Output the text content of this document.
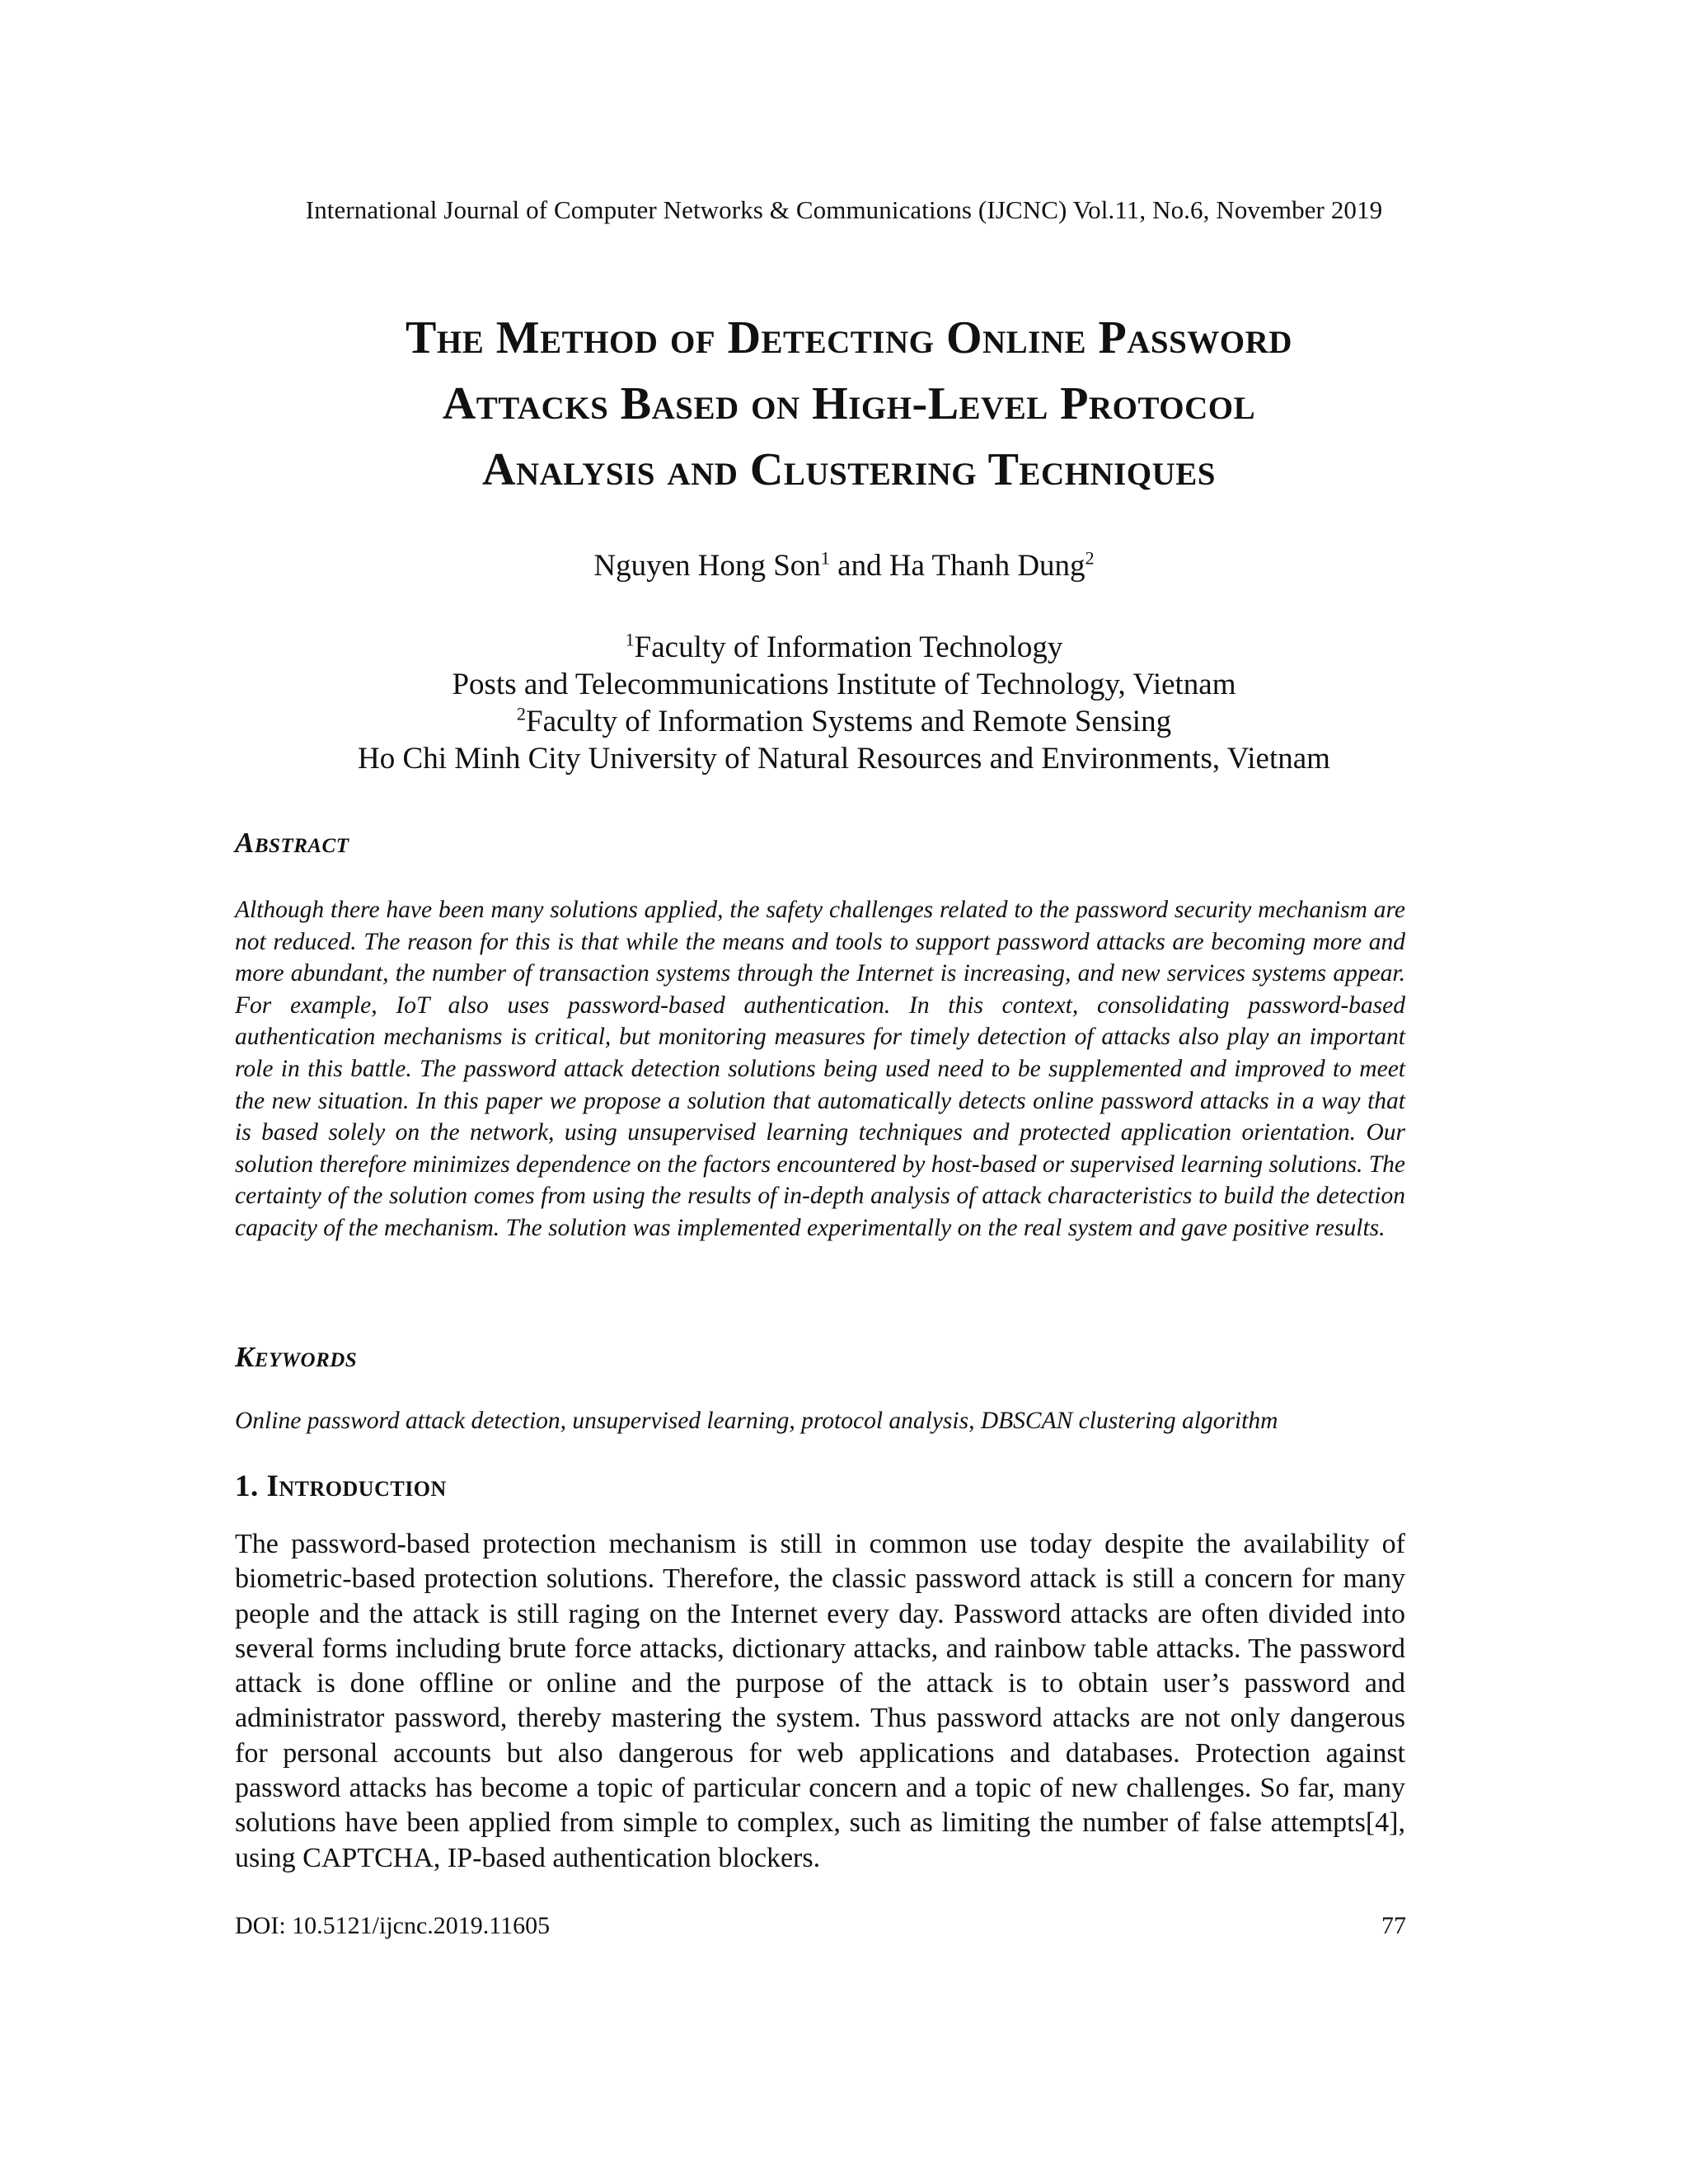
International Journal of Computer Networks & Communications (IJCNC) Vol.11, No.6, November 2019
The Method of Detecting Online Password
Attacks Based on High-Level Protocol
Analysis and Clustering Techniques
Nguyen Hong Son$^1$ and Ha Thanh Dung$^2$
$^1$Faculty of Information Technology
Posts and Telecommunications Institute of Technology, Vietnam
$^2$Faculty of Information Systems and Remote Sensing
Ho Chi Minh City University of Natural Resources and Environments, Vietnam
Abstract
Although there have been many solutions applied, the safety challenges related to the password security mechanism are not reduced. The reason for this is that while the means and tools to support password attacks are becoming more and more abundant, the number of transaction systems through the Internet is increasing, and new services systems appear. For example, IoT also uses password-based authentication. In this context, consolidating password-based authentication mechanisms is critical, but monitoring measures for timely detection of attacks also play an important role in this battle. The password attack detection solutions being used need to be supplemented and improved to meet the new situation. In this paper we propose a solution that automatically detects online password attacks in a way that is based solely on the network, using unsupervised learning techniques and protected application orientation. Our solution therefore minimizes dependence on the factors encountered by host-based or supervised learning solutions. The certainty of the solution comes from using the results of in-depth analysis of attack characteristics to build the detection capacity of the mechanism. The solution was implemented experimentally on the real system and gave positive results.
Keywords
Online password attack detection, unsupervised learning, protocol analysis, DBSCAN clustering algorithm
1. Introduction
The password-based protection mechanism is still in common use today despite the availability of biometric-based protection solutions. Therefore, the classic password attack is still a concern for many people and the attack is still raging on the Internet every day. Password attacks are often divided into several forms including brute force attacks, dictionary attacks, and rainbow table attacks. The password attack is done offline or online and the purpose of the attack is to obtain user’s password and administrator password, thereby mastering the system. Thus password attacks are not only dangerous for personal accounts but also dangerous for web applications and databases. Protection against password attacks has become a topic of particular concern and a topic of new challenges. So far, many solutions have been applied from simple to complex, such as limiting the number of false attempts[4], using CAPTCHA, IP-based authentication blockers.
DOI: 10.5121/ijcnc.2019.11605	77
